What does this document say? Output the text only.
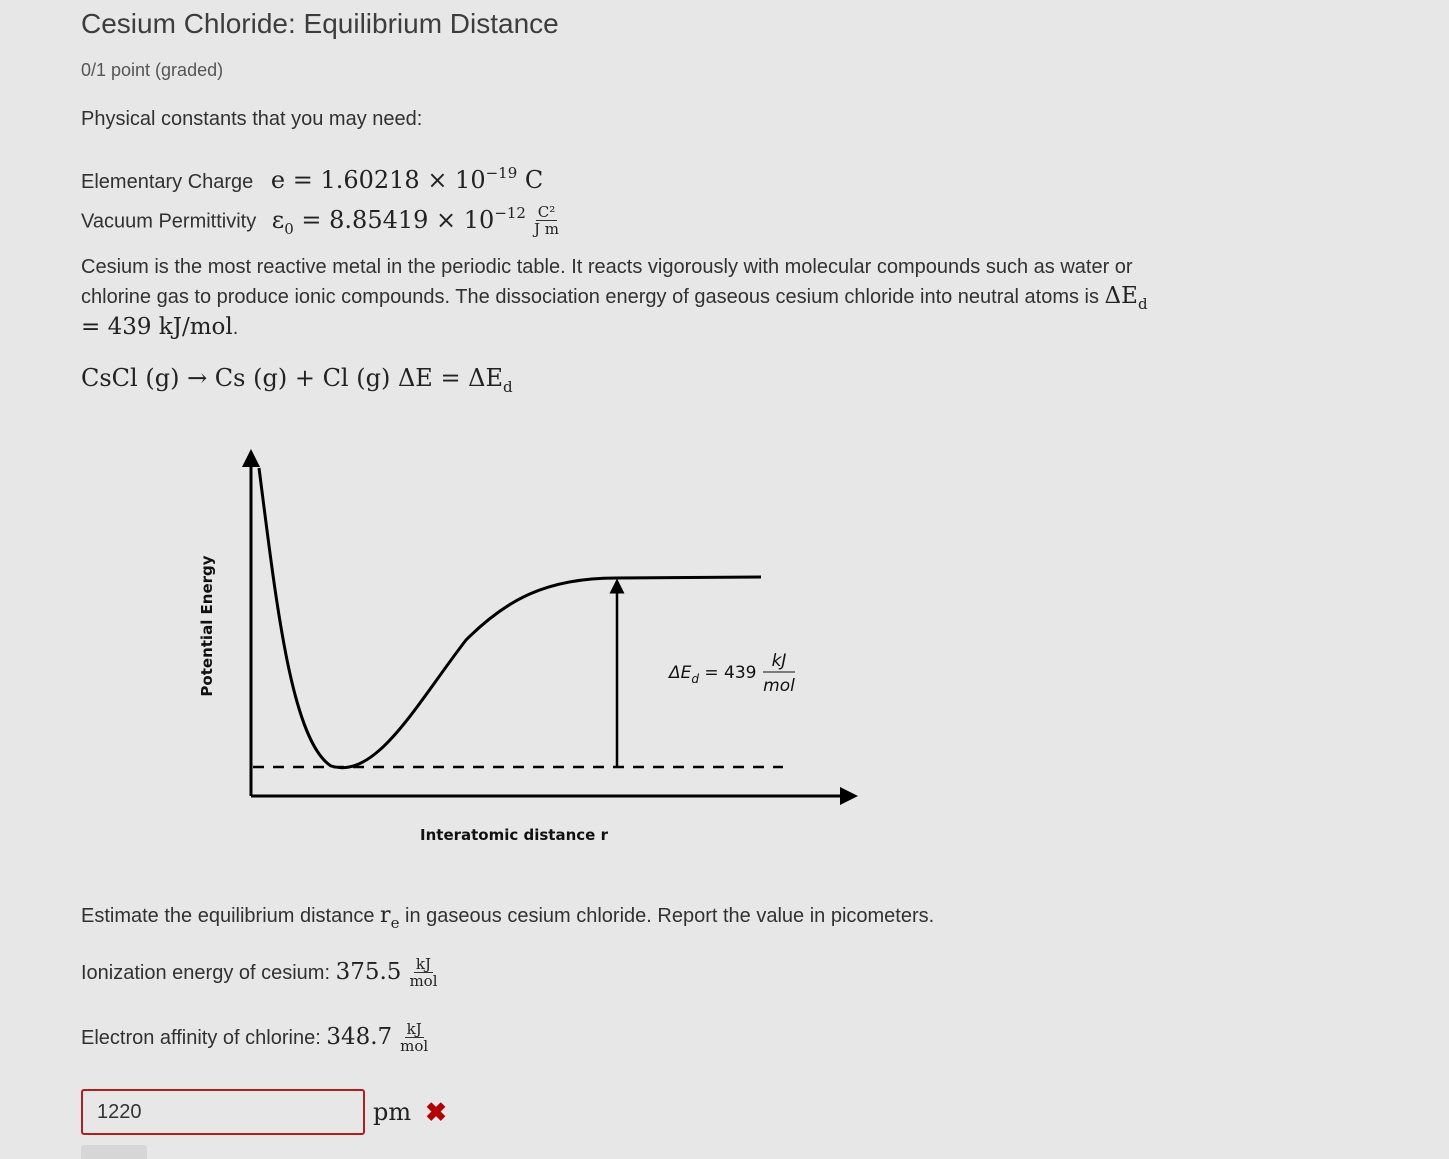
Cesium Chloride: Equilibrium Distance
0/1 point (graded)
Physical constants that you may need:
Elementary Charge $e = 1.60218 \times 10^{-19}$ C
Vacuum Permittivity $\varepsilon_0 = 8.85419 \times 10^{-12} \frac{\text{C²}}{\text{J m}}$
Cesium is the most reactive metal in the periodic table. It reacts vigorously with molecular compounds such as water or chlorine gas to produce ionic compounds. The dissociation energy of gaseous cesium chloride into neutral atoms is $\Delta E_d = 439$ kJ/mol.
CsCl (g) → Cs (g) + Cl (g) $\Delta E = \Delta E_d$
$\Delta E_d = 439$
kJ
mol
Potential Energy
Interatomic distance r
Estimate the equilibrium distance $r_e$ in gaseous cesium chloride. Report the value in picometers.
Ionization energy of cesium: $375.5 \frac{kJ}{\text{mol}}$
Electron affinity of chlorine: $348.7 \frac{kJ}{\text{mol}}$
1220
pm ✖
